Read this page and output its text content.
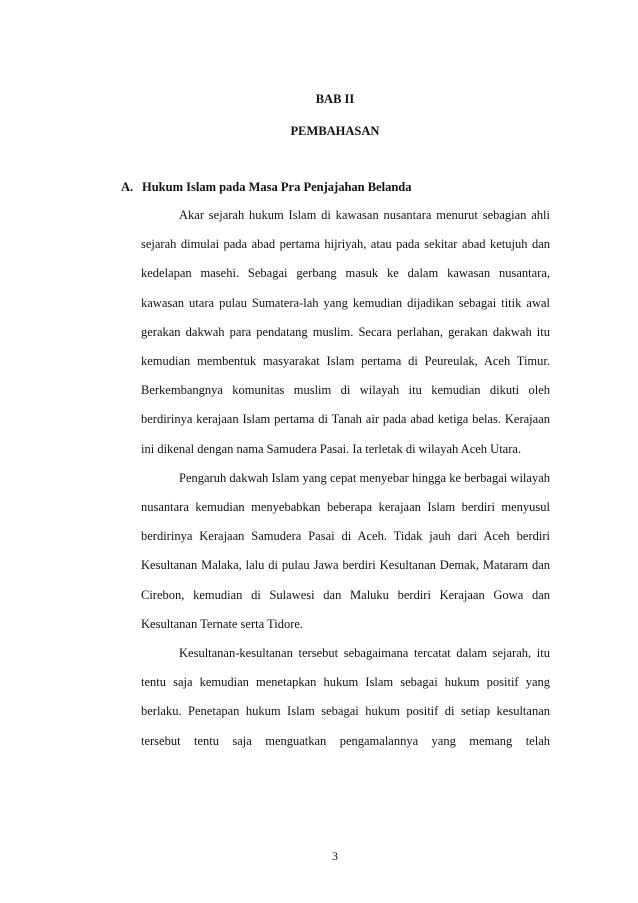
BAB II
PEMBAHASAN
A. Hukum Islam pada Masa Pra Penjajahan Belanda

Akar sejarah hukum Islam di kawasan nusantara menurut sebagian ahli sejarah dimulai pada abad pertama hijriyah, atau pada sekitar abad ketujuh dan kedelapan masehi. Sebagai gerbang masuk ke dalam kawasan nusantara, kawasan utara pulau Sumatera-lah yang kemudian dijadikan sebagai titik awal gerakan dakwah para pendatang muslim. Secara perlahan, gerakan dakwah itu kemudian membentuk masyarakat Islam pertama di Peureulak, Aceh Timur. Berkembangnya komunitas muslim di wilayah itu kemudian dikuti oleh berdirinya kerajaan Islam pertama di Tanah air pada abad ketiga belas. Kerajaan ini dikenal dengan nama Samudera Pasai. Ia terletak di wilayah Aceh Utara.

Pengaruh dakwah Islam yang cepat menyebar hingga ke berbagai wilayah nusantara kemudian menyebabkan beberapa kerajaan Islam berdiri menyusul berdirinya Kerajaan Samudera Pasai di Aceh. Tidak jauh dari Aceh berdiri Kesultanan Malaka, lalu di pulau Jawa berdiri Kesultanan Demak, Mataram dan Cirebon, kemudian di Sulawesi dan Maluku berdiri Kerajaan Gowa dan Kesultanan Ternate serta Tidore.

Kesultanan-kesultanan tersebut sebagaimana tercatat dalam sejarah, itu tentu saja kemudian menetapkan hukum Islam sebagai hukum positif yang berlaku. Penetapan hukum Islam sebagai hukum positif di setiap kesultanan tersebut tentu saja menguatkan pengamalannya yang memang telah

3
